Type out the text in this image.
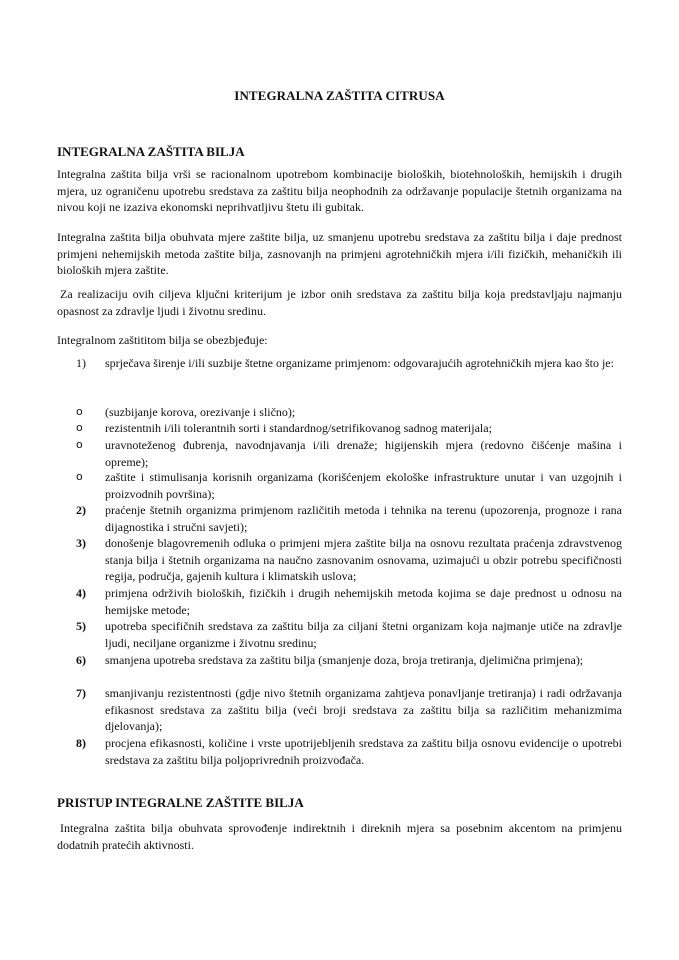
INTEGRALNA ZAŠTITA CITRUSA
INTEGRALNA ZAŠTITA BILJA
Integralna zaštita bilja vrši se racionalnom upotrebom kombinacije bioloških, biotehnoloških, hemijskih i drugih mjera, uz ograničenu upotrebu sredstava za zaštitu bilja neophodnih za održavanje populacije štetnih organizama na nivou koji ne izaziva ekonomski neprihvatljivu štetu ili gubitak.
Integralna zaštita bilja obuhvata mjere zaštite bilja, uz smanjenu upotrebu sredstava za zaštitu bilja i daje prednost primjeni nehemijskih metoda zaštite bilja, zasnovanjh na primjeni agrotehničkih mjera i/ili fizičkih, mehaničkih ili bioloških mjera zaštite.
Za realizaciju ovih ciljeva ključni kriterijum je izbor onih sredstava za zaštitu bilja koja predstavljaju najmanju opasnost za zdravlje ljudi i životnu sredinu.
Integralnom zaštititom bilja se obezbjeđuje:
1)	sprječava širenje i/ili suzbije štetne organizame primjenom: odgovarajućih agrotehničkih mjera kao što je:
o	(suzbijanje korova, orezivanje i slično);
o	rezistentnih i/ili tolerantnih sorti i standardnog/setrifikovanog sadnog materijala;
o	uravnoteženog đubrenja, navodnjavanja i/ili drenaže; higijenskih mjera (redovno čišćenje mašina i opreme);
o	zaštite i stimulisanja korisnih organizama (korišćenjem ekološke infrastrukture unutar i van uzgojnih i proizvodnih površina);
2)	praćenje štetnih organizma primjenom različitih metoda i tehnika na terenu (upozorenja, prognoze i rana dijagnostika i stručni savjeti);
3)	donošenje blagovremenih odluka o primjeni mjera zaštite bilja na osnovu rezultata praćenja zdravstvenog stanja bilja i štetnih organizama na naučno zasnovanim osnovama, uzimajući u obzir potrebu specifičnosti regija, područja, gajenih kultura i klimatskih uslova;
4)	primjena održivih bioloških, fizičkih i drugih nehemijskih metoda kojima se daje prednost u odnosu na hemijske metode;
5)	upotreba specifičnih sredstava za zaštitu bilja za ciljani štetni organizam koja najmanje utiče na zdravlje ljudi, neciljane organizme i životnu sredinu;
6)	smanjena upotreba sredstava za zaštitu bilja (smanjenje doza, broja tretiranja, djelimična primjena);
7)	smanjivanju rezistentnosti (gdje nivo štetnih organizama zahtjeva ponavljanje tretiranja) i radi održavanja efikasnost sredstava za zaštitu bilja (veći broji sredstava za zaštitu bilja sa različitim mehanizmima djelovanja);
8)	procjena efikasnosti, količine i vrste upotrijebljenih sredstava za zaštitu bilja osnovu evidencije o upotrebi sredstava za zaštitu bilja poljoprivrednih proizvođača.
PRISTUP INTEGRALNE ZAŠTITE BILJA
Integralna zaštita bilja obuhvata sprovođenje indirektnih i direknih mjera sa posebnim akcentom na primjenu dodatnih pratećih aktivnosti.
